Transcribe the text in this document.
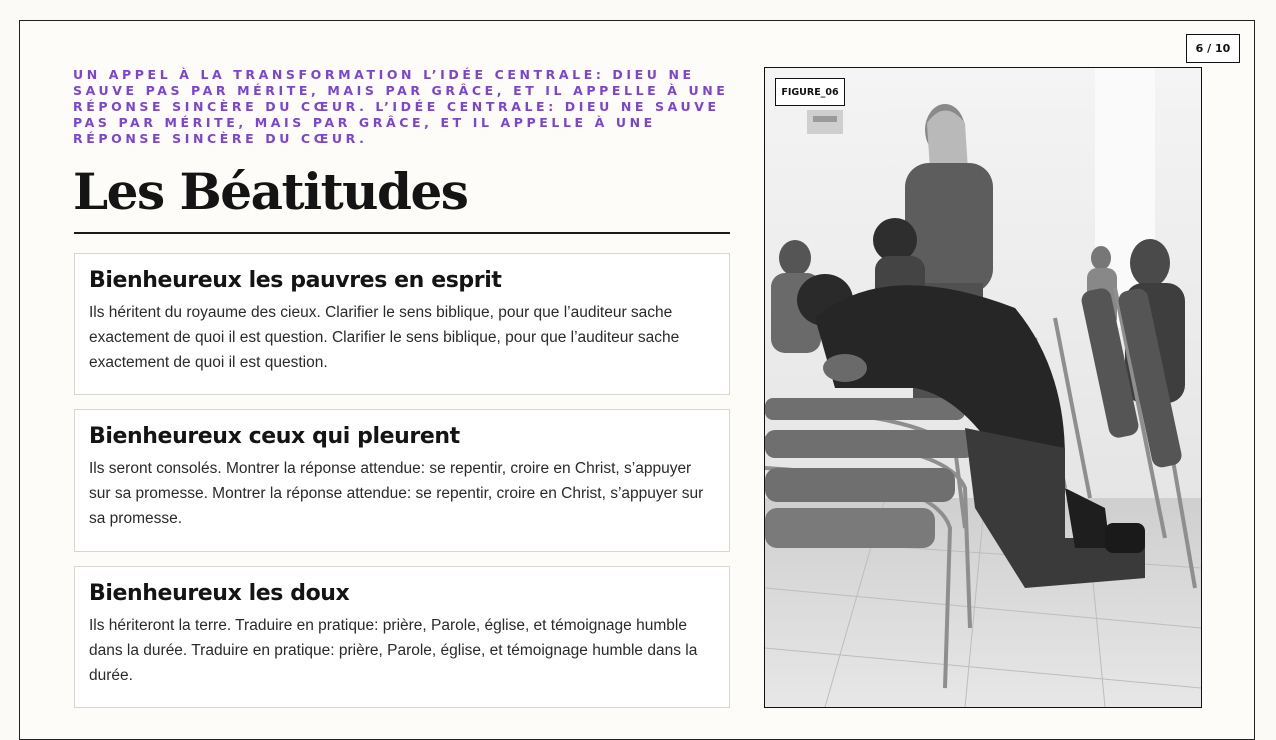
6 / 10

UN APPEL À LA TRANSFORMATION L’IDÉE CENTRALE: DIEU NE SAUVE PAS PAR MÉRITE, MAIS PAR GRÂCE, ET IL APPELLE À UNE RÉPONSE SINCÈRE DU CŒUR. L’IDÉE CENTRALE: DIEU NE SAUVE PAS PAR MÉRITE, MAIS PAR GRÂCE, ET IL APPELLE À UNE RÉPONSE SINCÈRE DU CŒUR.

Les Béatitudes
Bienheureux les pauvres en esprit

Ils héritent du royaume des cieux. Clarifier le sens biblique, pour que l’auditeur sache exactement de quoi il est question. Clarifier le sens biblique, pour que l’auditeur sache exactement de quoi il est question.

Bienheureux ceux qui pleurent

Ils seront consolés. Montrer la réponse attendue: se repentir, croire en Christ, s’appuyer sur sa promesse. Montrer la réponse attendue: se repentir, croire en Christ, s’appuyer sur sa promesse.

Bienheureux les doux

Ils hériteront la terre. Traduire en pratique: prière, Parole, église, et témoignage humble dans la durée. Traduire en pratique: prière, Parole, église, et témoignage humble dans la durée.

FIGURE_06
